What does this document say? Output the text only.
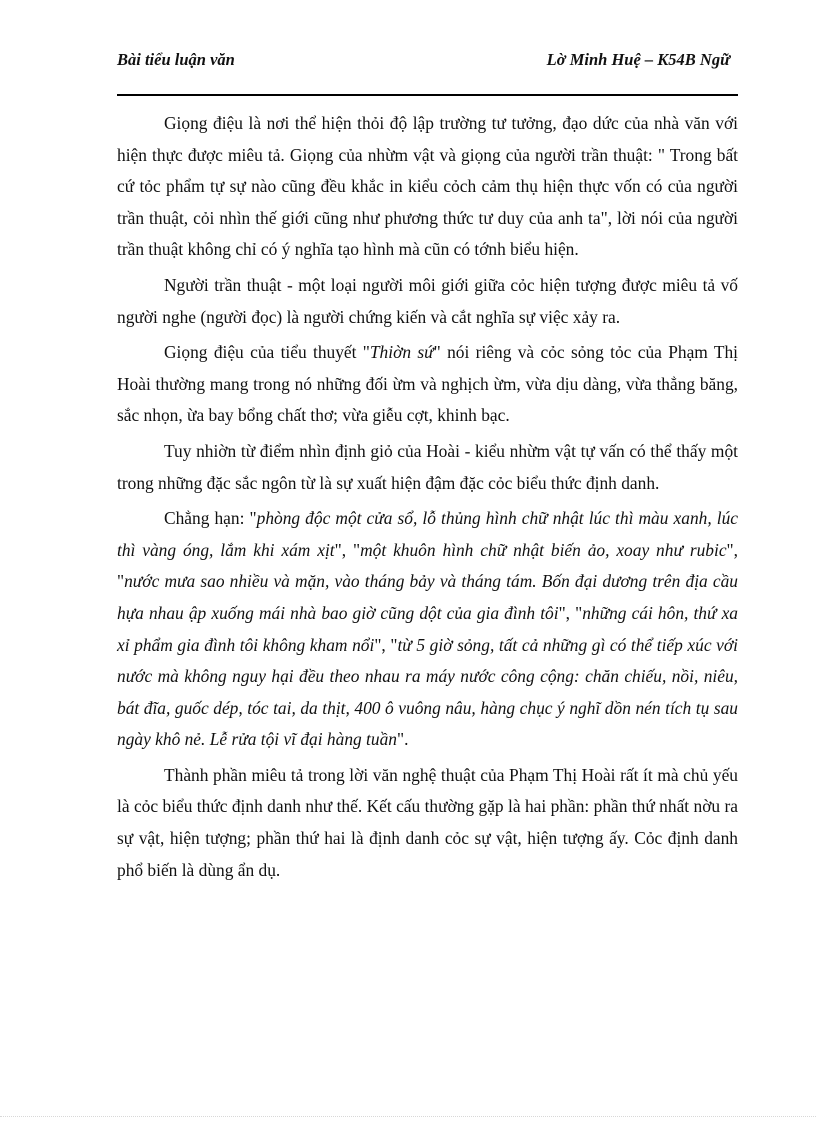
Bài tiểu luận văn	Lờ Minh Huệ – K54B Ngữ

Giọng điệu là nơi thể hiện thỏi độ lập trường tư tưởng, đạo dức của nhà văn với hiện thực được miêu tả. Giọng của nhừm vật và giọng của người trần thuật: " Trong bất cứ tỏc phẩm tự sự nào cũng đều khắc in kiểu cỏch cảm thụ hiện thực vốn có của người trần thuật, cỏi nhìn thế giới cũng như phương thức tư duy của anh ta", lời nói của người trần thuật không chỉ có ý nghĩa tạo hình mà cũn có tớnh biểu hiện.

Người trần thuật - một loại người môi giới giữa cỏc hiện tượng được miêu tả vố người nghe (người đọc) là người chứng kiến và cắt nghĩa sự việc xảy ra.

Giọng điệu của tiểu thuyết "Thiờn sứ" nói riêng và cỏc sỏng tỏc của Phạm Thị Hoài thường mang trong nó những đối ừm và nghịch ừm, vừa dịu dàng, vừa thẳng băng, sắc nhọn, ừa bay bổng chất thơ; vừa giễu cợt, khinh bạc.

Tuy nhiờn từ điểm nhìn định giỏ của Hoài - kiểu nhừm vật tự vấn có thể thấy một trong những đặc sắc ngôn từ là sự xuất hiện đậm đặc cỏc biểu thức định danh.

Chẳng hạn: "phòng độc một cửa sổ, lỗ thủng hình chữ nhật lúc thì màu xanh, lúc thì vàng óng, lắm khi xám xịt", "một khuôn hình chữ nhật biến ảo, xoay như rubic", "nước mưa sao nhiều và mặn, vào tháng bảy và tháng tám. Bốn đại dương trên địa cầu hựa nhau ập xuống mái nhà bao giờ cũng dột của gia đình tôi", "những cái hôn, thứ xa xỉ phẩm gia đình tôi không kham nổi", "từ 5 giờ sỏng, tất cả những gì có thể tiếp xúc với nước mà không nguy hại đều theo nhau ra máy nước công cộng: chăn chiếu, nồi, niêu, bát đĩa, guốc dép, tóc tai, da thịt, 400 ô vuông nâu, hàng chục ý nghĩ dồn nén tích tụ sau ngày khô nẻ. Lễ rửa tội vĩ đại hàng tuần".

Thành phần miêu tả trong lời văn nghệ thuật của Phạm Thị Hoài rất ít mà chủ yếu là cỏc biểu thức định danh như thế. Kết cấu thường gặp là hai phần: phần thứ nhất nờu ra sự vật, hiện tượng; phần thứ hai là định danh cỏc sự vật, hiện tượng ấy. Cỏc định danh phổ biến là dùng ẩn dụ.
